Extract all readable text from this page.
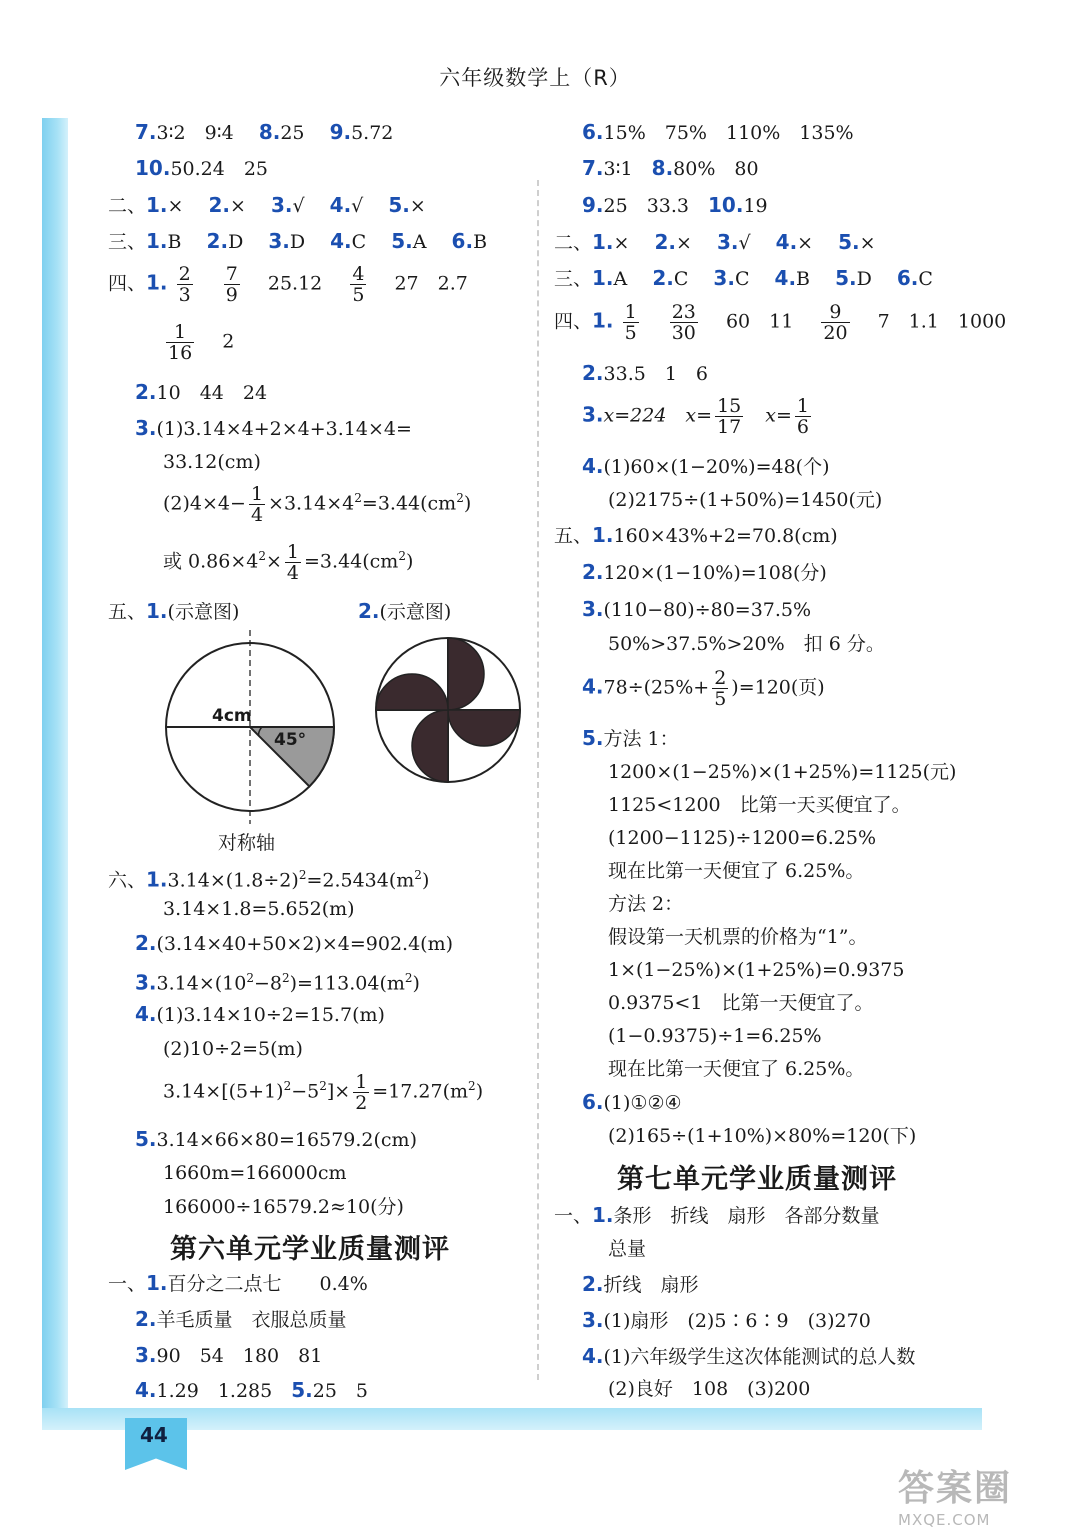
44
六年级数学上（R）
7.3∶2　9∶4　 8.25　 9.5.72
10.50.24　25
二、1.×　 2.×　 3.√　 4.√　 5.×
三、1.B　 2.D　 3.D　 4.C　 5.A　 6.B
四、1. $\frac{2}{3}$
　 $\frac{7}{9}$
　 25.12　 $\frac{4}{5}$
　 27　2.7
$\frac{1}{16}$
　 2
2.10　44　24
3.(1)3.14×4+2×4+3.14×4=
33.12(cm)
$(2)4\times 4- \frac{1}{4} \times 3.14\times 4^2=3.44(cm^2)$
或 $0.86\times 4^2\times \frac{1}{4} =3.44(cm^2)$
五、1.(示意图)	2.(示意图)
4cm
45°
对称轴
六、$1.3.14\times(1.8\div 2)^2=2.5434(m^2)$
3.14×1.8=5.652(m)
2.(3.14×40+50×2)×4=902.4(m)
$3.3.14\times(10^2-8^2)=113.04(m^2)$
4.(1)3.14×10÷2=15.7(m)
(2)10÷2=5(m)
$3.14\times[(5+1)^2-5^2]\times \frac{1}{2} =17.27(m^2)$
5.3.14×66×80=16579.2(cm)
1660m=166000cm
166000÷16579.2≈10(分)
第六单元学业质量测评
一、1.百分之二点七　　0.4%
2.羊毛质量　衣服总质量
3.90　54　180　81
4.1.29　1.285　 5.25　5
6.15%　75%　110%　135%
7.3∶1　 8.80%　80
9.25　33.3　 10.19
二、1.×　 2.×　 3.√　 4.×　 5.×
三、1.A　 2.C　 3.C　 4.B　 5.D　 6.C
四、1. $\frac{1}{5}$
　 $\frac{23}{30}$
　 60　11　 $\frac{9}{20}$
　 7　1.1　1000
2.33.5　1　6
3.x=224　$x= \frac{15}{17}$
　 $x= \frac{1}{6}$
4.(1)60×(1−20%)=48(个)
(2)2175÷(1+50%)=1450(元)
五、1.160×43%+2=70.8(cm)
2.120×(1−10%)=108(分)
3.(110−80)÷80=37.5%
50%>37.5%>20%　扣 6 分。
$4.78\div(25\%+ \frac{2}{5} )=120$(页)
5.方法 1：
1200×(1−25%)×(1+25%)=1125(元)
1125<1200　比第一天买便宜了。
(1200−1125)÷1200=6.25%
现在比第一天便宜了 6.25%。
方法 2：
假设第一天机票的价格为“1”。
1×(1−25%)×(1+25%)=0.9375
0.9375<1　比第一天便宜了。
(1−0.9375)÷1=6.25%
现在比第一天便宜了 6.25%。
6.(1)①②④
(2)165÷(1+10%)×80%=120(下)
第七单元学业质量测评
一、1.条形　折线　扇形　各部分数量
总量
2.折线　扇形
3.(1)扇形　(2)5∶6∶9　(3)270
4.(1)六年级学生这次体能测试的总人数
(2)良好　108　(3)200
答案圈
MXQE.COM
